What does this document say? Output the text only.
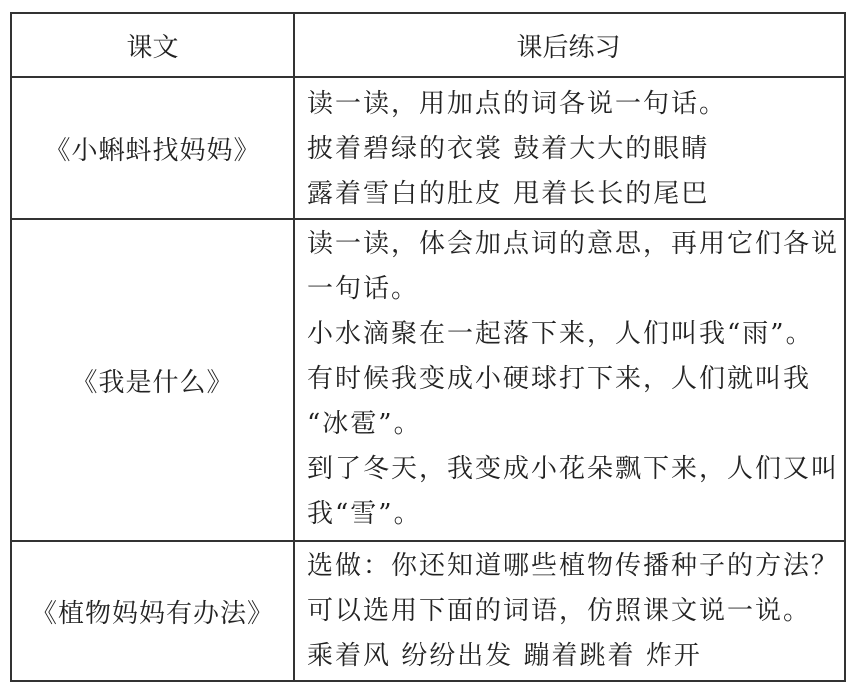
课文	课后练习
《小蝌蚪找妈妈》
读一读，用加点的词各说一句话。
披着碧绿的衣裳 鼓着大大的眼睛
露着雪白的肚皮 甩着长长的尾巴
《我是什么》
读一读，体会加点词的意思，再用它们各说
一句话。
小水滴聚在一起落下来，人们叫我“雨”。
有时候我变成小硬球打下来，人们就叫我
“冰雹”。
到了冬天，我变成小花朵飘下来，人们又叫
我“雪”。
《植物妈妈有办法》
选做：你还知道哪些植物传播种子的方法？
可以选用下面的词语，仿照课文说一说。
乘着风 纷纷出发 蹦着跳着 炸开
